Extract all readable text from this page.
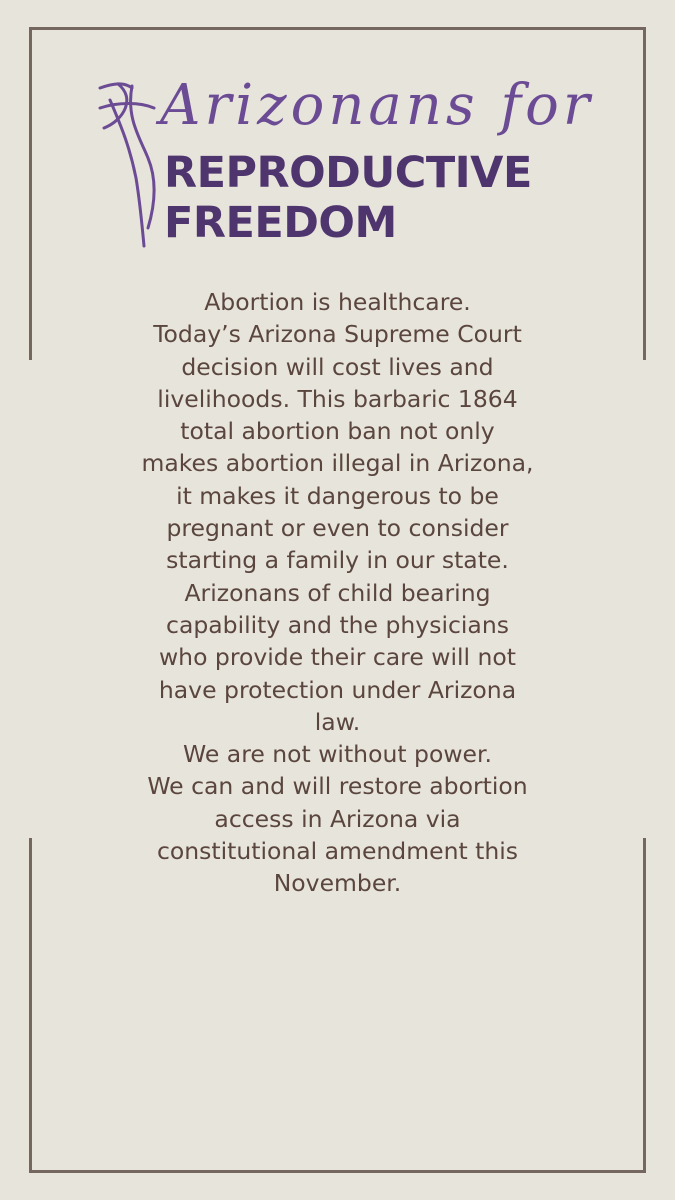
Arizonans for
REPRODUCTIVE
FREEDOM

Abortion is healthcare.

Today’s Arizona Supreme Court

decision will cost lives and

livelihoods. This barbaric 1864

total abortion ban not only

makes abortion illegal in Arizona,

it makes it dangerous to be

pregnant or even to consider

starting a family in our state.

Arizonans of child bearing

capability and the physicians

who provide their care will not

have protection under Arizona

law.

We are not without power.

We can and will restore abortion

access in Arizona via

constitutional amendment this

November.
